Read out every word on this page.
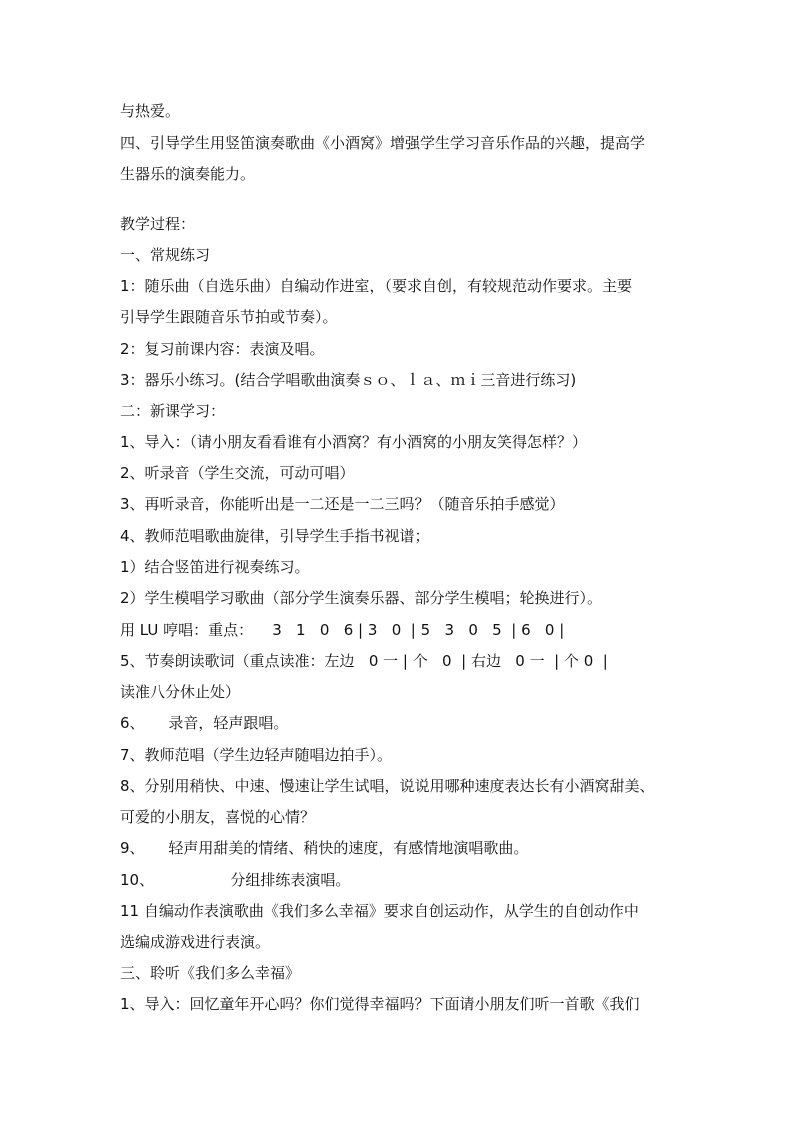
与热爱。
四、引导学生用竖笛演奏歌曲《小酒窝》增强学生学习音乐作品的兴趣，提高学
生器乐的演奏能力。
教学过程：
一、常规练习
1：随乐曲（自选乐曲）自编动作进室，（要求自创，有较规范动作要求。主要
引导学生跟随音乐节拍或节奏）。
2：复习前课内容：表演及唱。
3：器乐小练习。(结合学唱歌曲演奏ｓｏ、ｌａ、ｍｉ三音进行练习)
二：新课学习：
1、导入：（请小朋友看看谁有小酒窝？有小酒窝的小朋友笑得怎样？）
2、听录音（学生交流，可动可唱）
3、再听录音，你能听出是一二还是一二三吗？（随音乐拍手感觉）
4、教师范唱歌曲旋律，引导学生手指书视谱；
1）结合竖笛进行视奏练习。
2）学生模唱学习歌曲（部分学生演奏乐器、部分学生模唱；轮换进行）。
用 LU 哼唱：重点：    3   1   0   6 | 3   0  | 5   3   0   5  | 6   0 |
5、节奏朗读歌词（重点读准：左边   0 一 | 个   0  | 右边   0 一  | 个 0  |
读准八分休止处）
6、     录音，轻声跟唱。
7、教师范唱（学生边轻声随唱边拍手）。
8、分别用稍快、中速、慢速让学生试唱，说说用哪种速度表达长有小酒窝甜美、
可爱的小朋友，喜悦的心情？
9、     轻声用甜美的情绪、稍快的速度，有感情地演唱歌曲。
10、                分组排练表演唱。
11 自编动作表演歌曲《我们多么幸福》要求自创运动作，从学生的自创动作中
选编成游戏进行表演。
三、聆听《我们多么幸福》
1、导入：回忆童年开心吗？你们觉得幸福吗？下面请小朋友们听一首歌《我们
